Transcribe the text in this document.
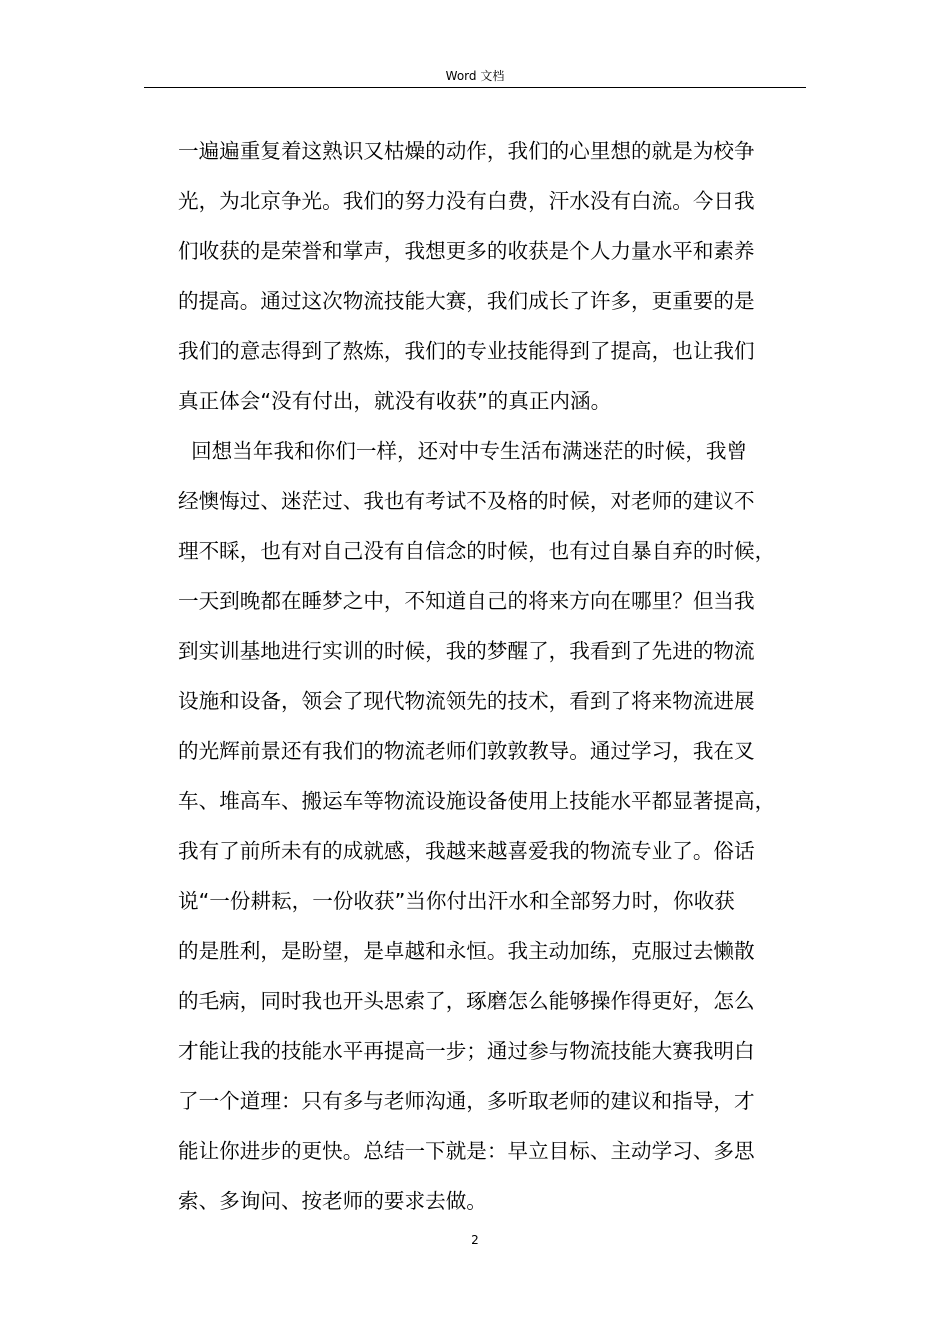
Word 文档
一遍遍重复着这熟识又枯燥的动作，我们的心里想的就是为校争
光，为北京争光。我们的努力没有白费，汗水没有白流。今日我
们收获的是荣誉和掌声，我想更多的收获是个人力量水平和素养
的提高。通过这次物流技能大赛，我们成长了许多，更重要的是
我们的意志得到了熬炼，我们的专业技能得到了提高，也让我们
真正体会“没有付出，就没有收获”的真正内涵。
回想当年我和你们一样，还对中专生活布满迷茫的时候，我曾
经懊悔过、迷茫过、我也有考试不及格的时候，对老师的建议不
理不睬，也有对自己没有自信念的时候，也有过自暴自弃的时候，
一天到晚都在睡梦之中，不知道自己的将来方向在哪里？但当我
到实训基地进行实训的时候，我的梦醒了，我看到了先进的物流
设施和设备，领会了现代物流领先的技术，看到了将来物流进展
的光辉前景还有我们的物流老师们敦敦教导。通过学习，我在叉
车、堆高车、搬运车等物流设施设备使用上技能水平都显著提高，
我有了前所未有的成就感，我越来越喜爱我的物流专业了。俗话
说“一份耕耘，一份收获”当你付出汗水和全部努力时，你收获
的是胜利，是盼望，是卓越和永恒。我主动加练，克服过去懒散
的毛病，同时我也开头思索了，琢磨怎么能够操作得更好，怎么
才能让我的技能水平再提高一步；通过参与物流技能大赛我明白
了一个道理：只有多与老师沟通，多听取老师的建议和指导，才
能让你进步的更快。总结一下就是：早立目标、主动学习、多思
索、多询问、按老师的要求去做。
2
